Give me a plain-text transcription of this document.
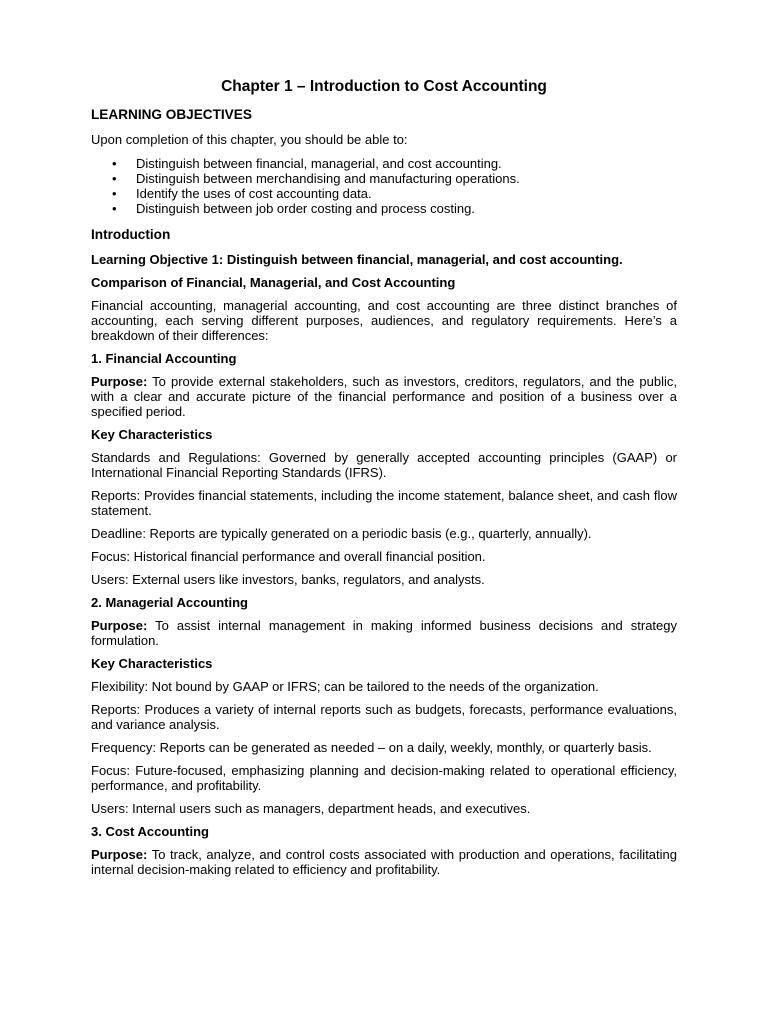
Chapter 1 – Introduction to Cost Accounting
LEARNING OBJECTIVES

Upon completion of this chapter, you should be able to:

• Distinguish between financial, managerial, and cost accounting.
• Distinguish between merchandising and manufacturing operations.
• Identify the uses of cost accounting data.
• Distinguish between job order costing and process costing.
Introduction

Learning Objective 1: Distinguish between financial, managerial, and cost accounting.

Comparison of Financial, Managerial, and Cost Accounting

Financial accounting, managerial accounting, and cost accounting are three distinct branches of accounting, each serving different purposes, audiences, and regulatory requirements. Here’s a breakdown of their differences:

1. Financial Accounting

Purpose: To provide external stakeholders, such as investors, creditors, regulators, and the public, with a clear and accurate picture of the financial performance and position of a business over a specified period.

Key Characteristics

Standards and Regulations: Governed by generally accepted accounting principles (GAAP) or International Financial Reporting Standards (IFRS).

Reports: Provides financial statements, including the income statement, balance sheet, and cash flow statement.

Deadline: Reports are typically generated on a periodic basis (e.g., quarterly, annually).

Focus: Historical financial performance and overall financial position.

Users: External users like investors, banks, regulators, and analysts.

2. Managerial Accounting

Purpose: To assist internal management in making informed business decisions and strategy formulation.

Key Characteristics

Flexibility: Not bound by GAAP or IFRS; can be tailored to the needs of the organization.

Reports: Produces a variety of internal reports such as budgets, forecasts, performance evaluations, and variance analysis.

Frequency: Reports can be generated as needed – on a daily, weekly, monthly, or quarterly basis.

Focus: Future-focused, emphasizing planning and decision-making related to operational efficiency, performance, and profitability.

Users: Internal users such as managers, department heads, and executives.

3. Cost Accounting

Purpose: To track, analyze, and control costs associated with production and operations, facilitating internal decision-making related to efficiency and profitability.
